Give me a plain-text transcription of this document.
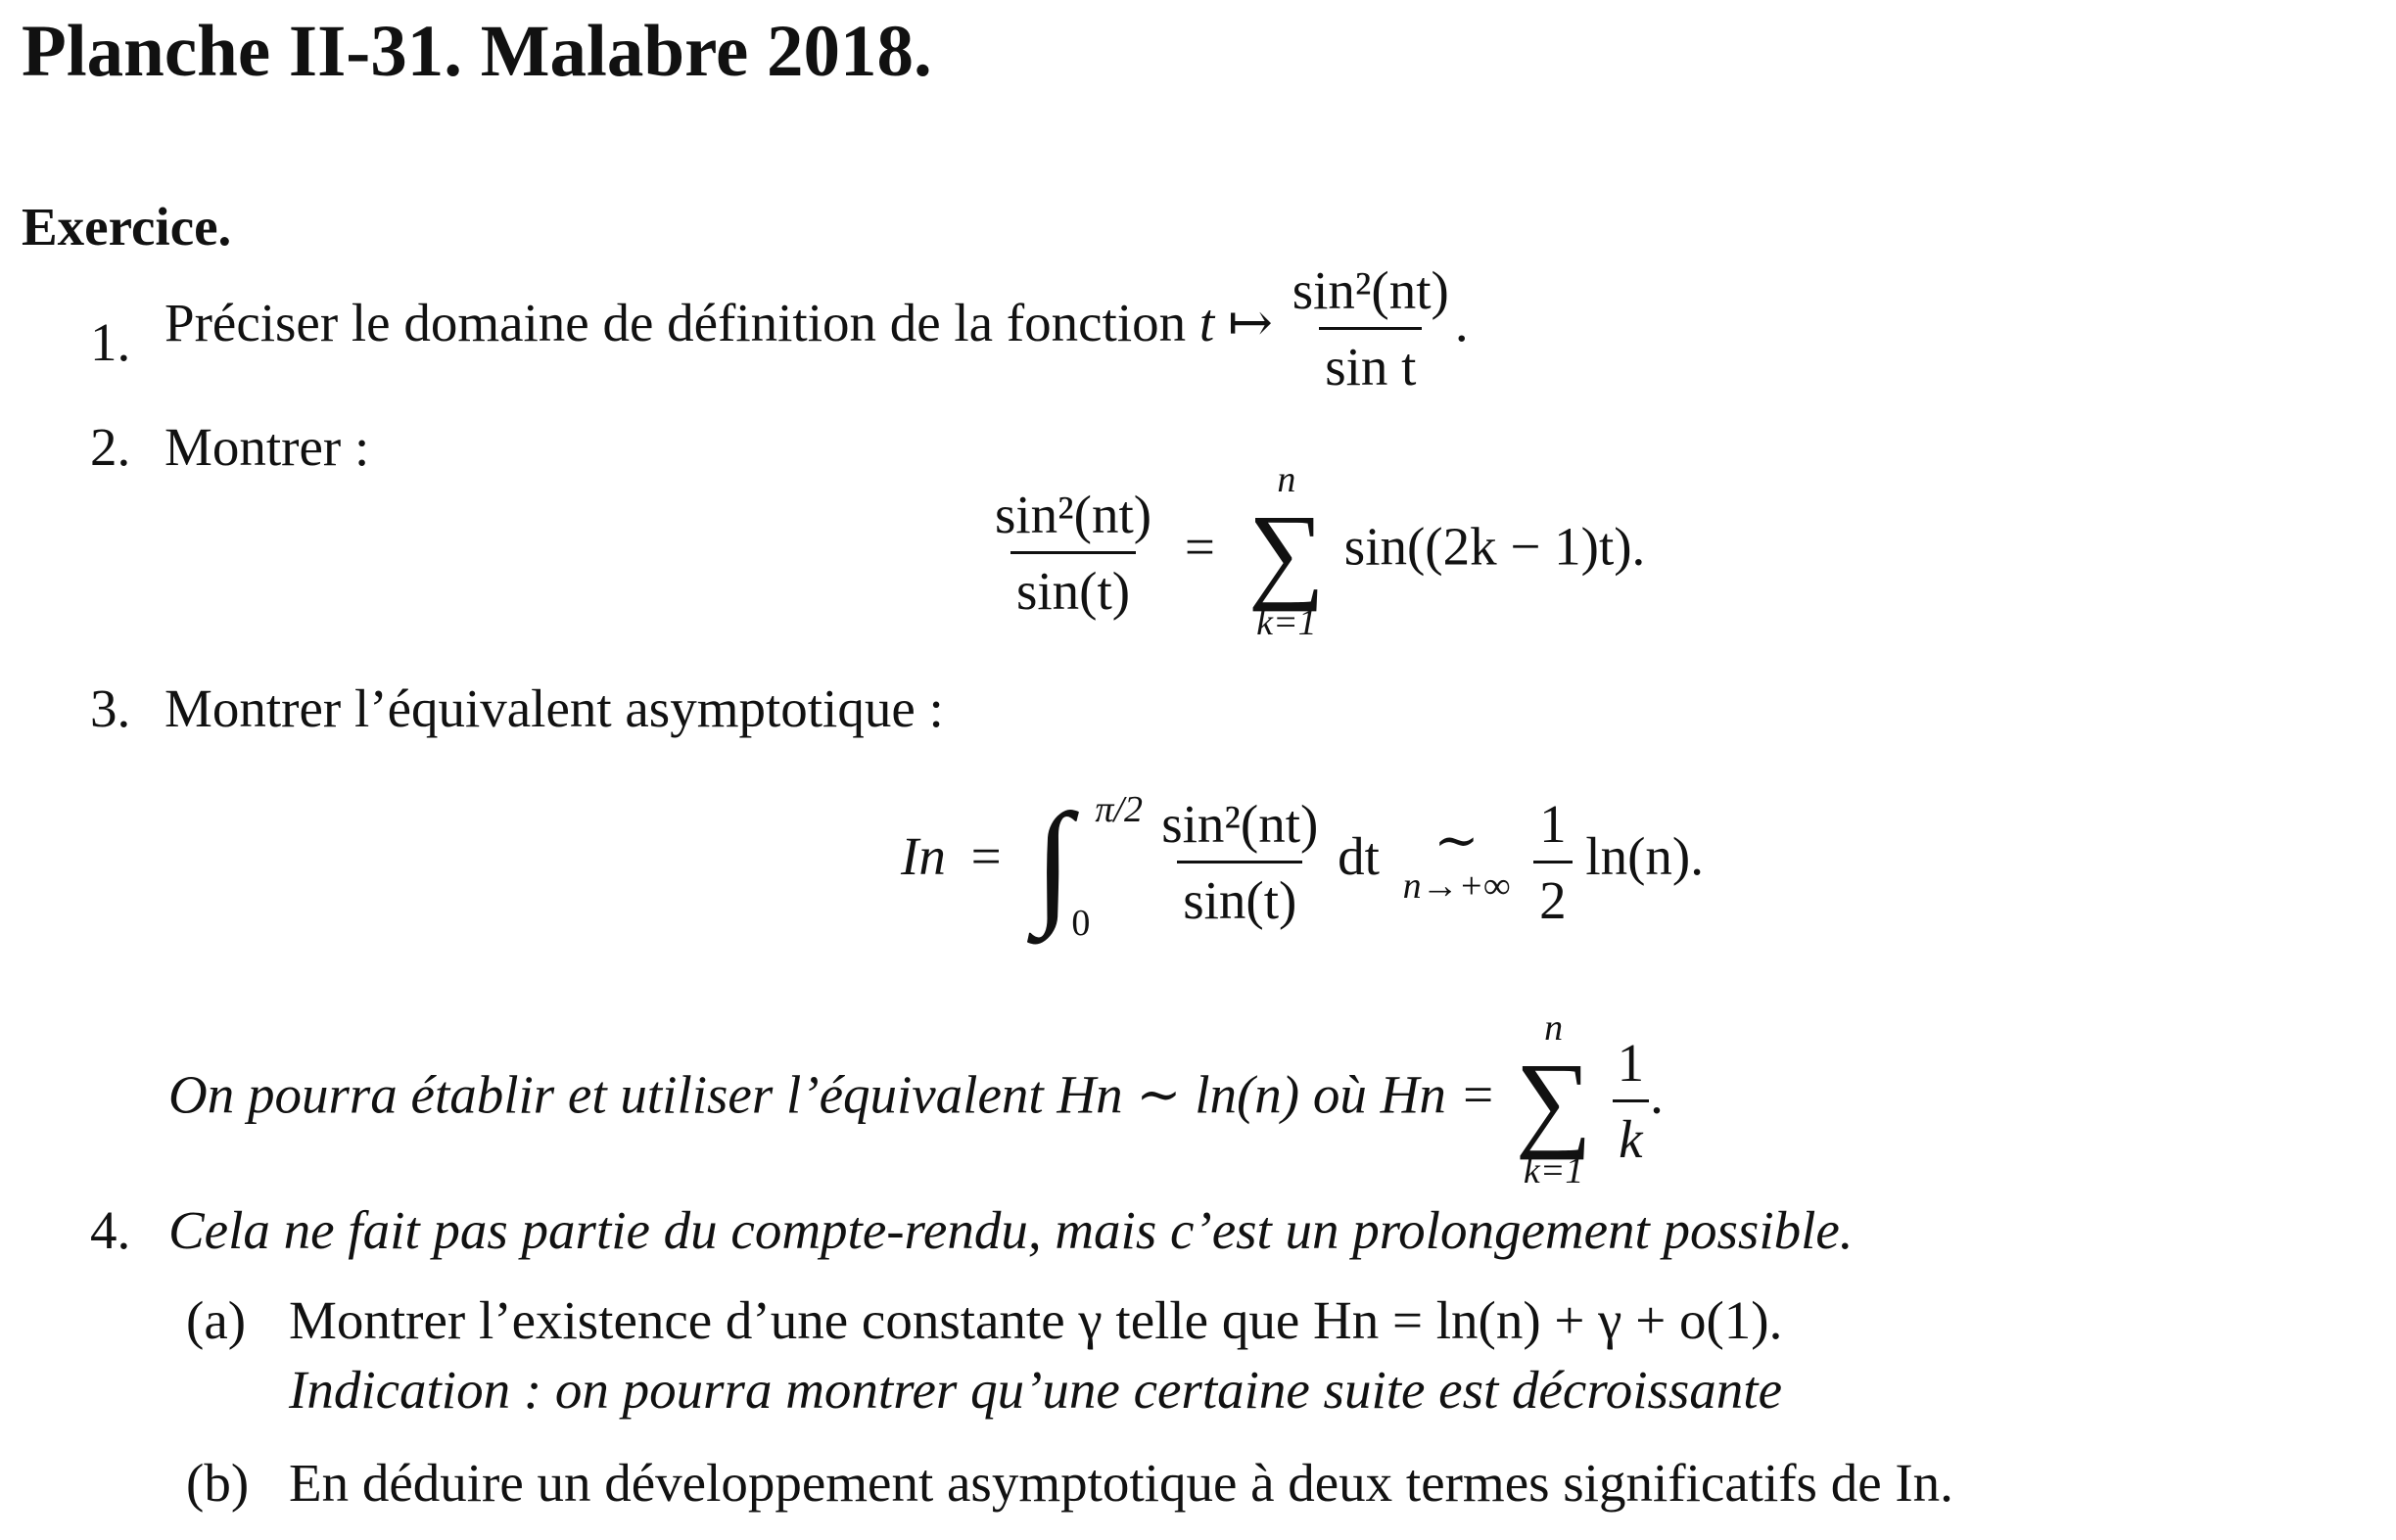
Planche II-31. Malabre 2018.
Exercice.
1. Préciser le domaine de définition de la fonction t ↦ $\frac{\text{sin²(nt)}}{\text{sin t}}$ .
2. Montrer :
$\frac{\text{sin²(nt)}}{\sin(t)}$ =
n
∑
k=1
sin((2k − 1)t).
3. Montrer l’équivalent asymptotique :
In = ∫ π/2
0
$\frac{\text{sin²(nt)}}{\sin(t)}$ dt ∼
n→+∞
$\frac{1}{2} \ln(n)$.
On pourra établir et utiliser l’équivalent Hn ∼ ln(n) où Hn =
n
∑
k=1

$\frac{1}{k}$ .
4. Cela ne fait pas partie du compte-rendu, mais c’est un prolongement possible.
(a) Montrer l’existence d’une constante γ telle que Hn = ln(n) + γ + o(1).
Indication : on pourra montrer qu’une certaine suite est décroissante
(b) En déduire un développement asymptotique à deux termes significatifs de In.
